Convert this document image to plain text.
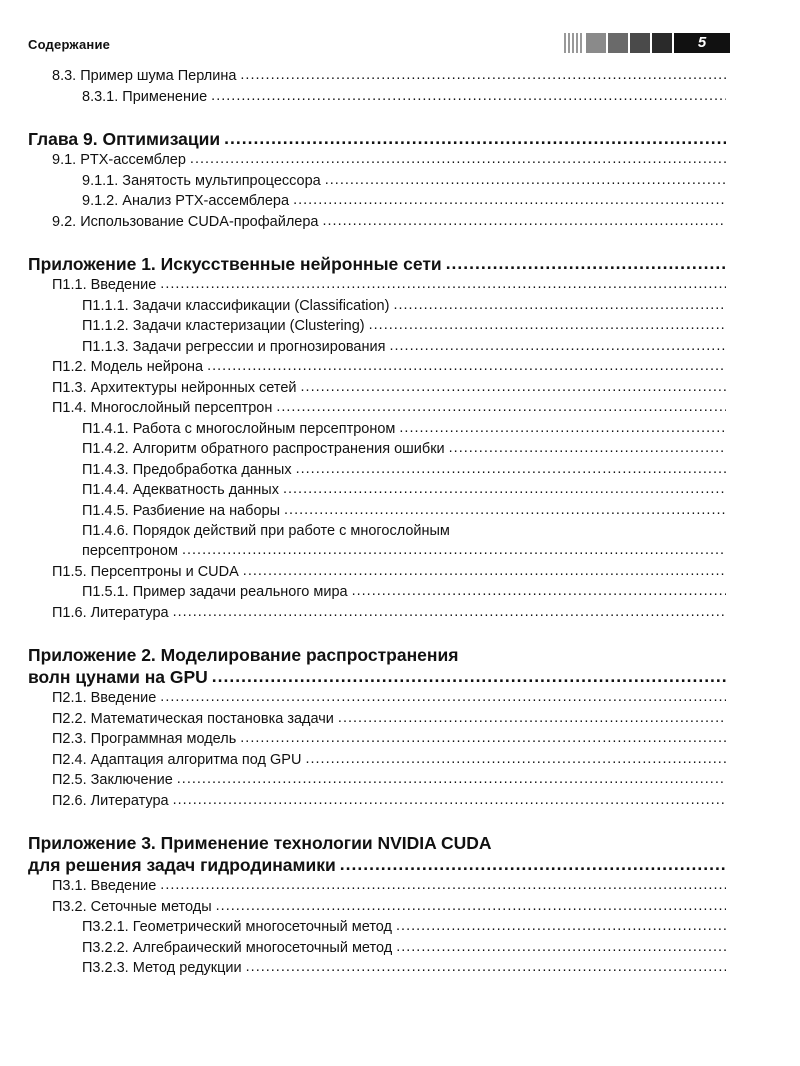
Содержание	5
8.3. Пример шума Перлина
.....
8.3.1. Применение
.....
Глава 9. Оптимизации
.....
9.1. PTX-ассемблер
.....
9.1.1. Занятость мультипроцессора
.....
9.1.2. Анализ PTX-ассемблера
.....
9.2. Использование CUDA-профайлера
.....
Приложение 1. Искусственные нейронные сети
.....
П1.1. Введение
.....
П1.1.1. Задачи классификации (Classification)
.....
П1.1.2. Задачи кластеризации (Clustering)
.....
П1.1.3. Задачи регрессии и прогнозирования
.....
П1.2. Модель нейрона
.....
П1.3. Архитектуры нейронных сетей
.....
П1.4. Многослойный персептрон
.....
П1.4.1. Работа с многослойным персептроном
.....
П1.4.2. Алгоритм обратного распространения ошибки
.....
П1.4.3. Предобработка данных
.....
П1.4.4. Адекватность данных
.....
П1.4.5. Разбиение на наборы
.....
П1.4.6. Порядок действий при работе с многослойным
персептроном
.....
П1.5. Персептроны и CUDA
.....
П1.5.1. Пример задачи реального мира
.....
П1.6. Литература
.....
Приложение 2. Моделирование распространения
волн цунами на GPU
.....
П2.1. Введение
.....
П2.2. Математическая постановка задачи
.....
П2.3. Программная модель
.....
П2.4. Адаптация алгоритма под GPU
.....
П2.5. Заключение
.....
П2.6. Литература
.....
Приложение 3. Применение технологии NVIDIA CUDA
для решения задач гидродинамики
.....
П3.1. Введение
.....
П3.2. Сеточные методы
.....
П3.2.1. Геометрический многосеточный метод
.....
П3.2.2. Алгебраический многосеточный метод
.....
П3.2.3. Метод редукции
.....
